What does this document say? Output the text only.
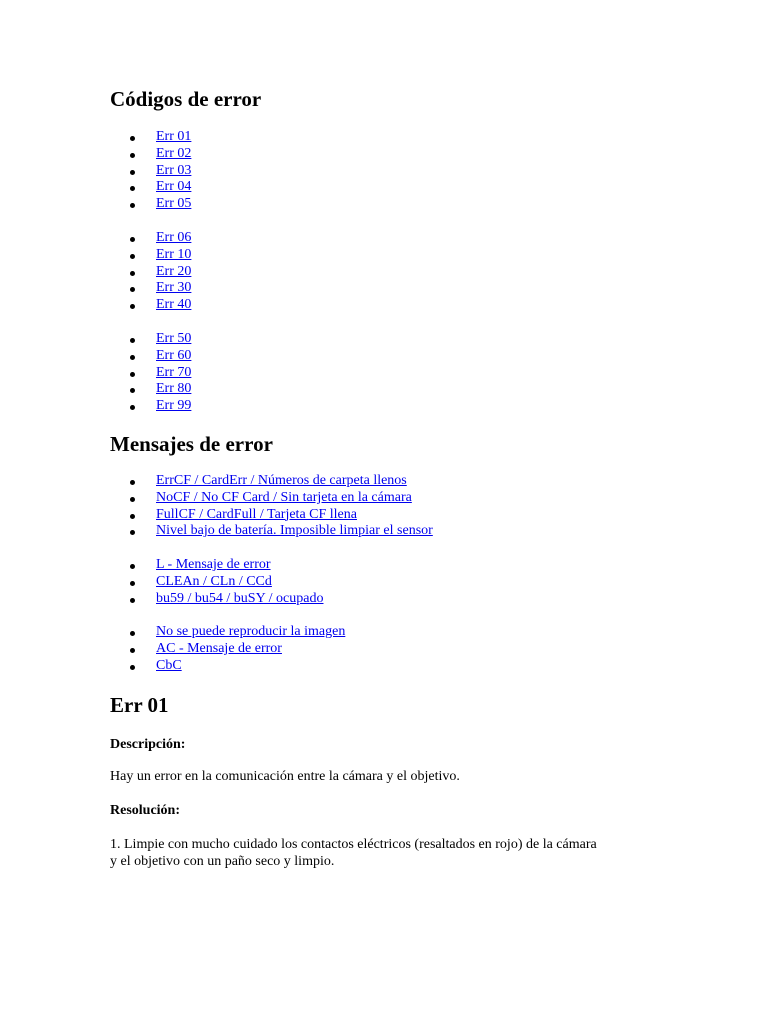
Códigos de error
Err 01
Err 02
Err 03
Err 04
Err 05
Err 06
Err 10
Err 20
Err 30
Err 40
Err 50
Err 60
Err 70
Err 80
Err 99
Mensajes de error
ErrCF / CardErr / Números de carpeta llenos
NoCF / No CF Card / Sin tarjeta en la cámara
FullCF / CardFull / Tarjeta CF llena
Nivel bajo de batería. Imposible limpiar el sensor
L - Mensaje de error
CLEAn / CLn / CCd
bu59 / bu54 / buSY / ocupado
No se puede reproducir la imagen
AC - Mensaje de error
CbC
Err 01

Descripción:

Hay un error en la comunicación entre la cámara y el objetivo.

Resolución:

1. Limpie con mucho cuidado los contactos eléctricos (resaltados en rojo) de la cámara

y el objetivo con un paño seco y limpio.
